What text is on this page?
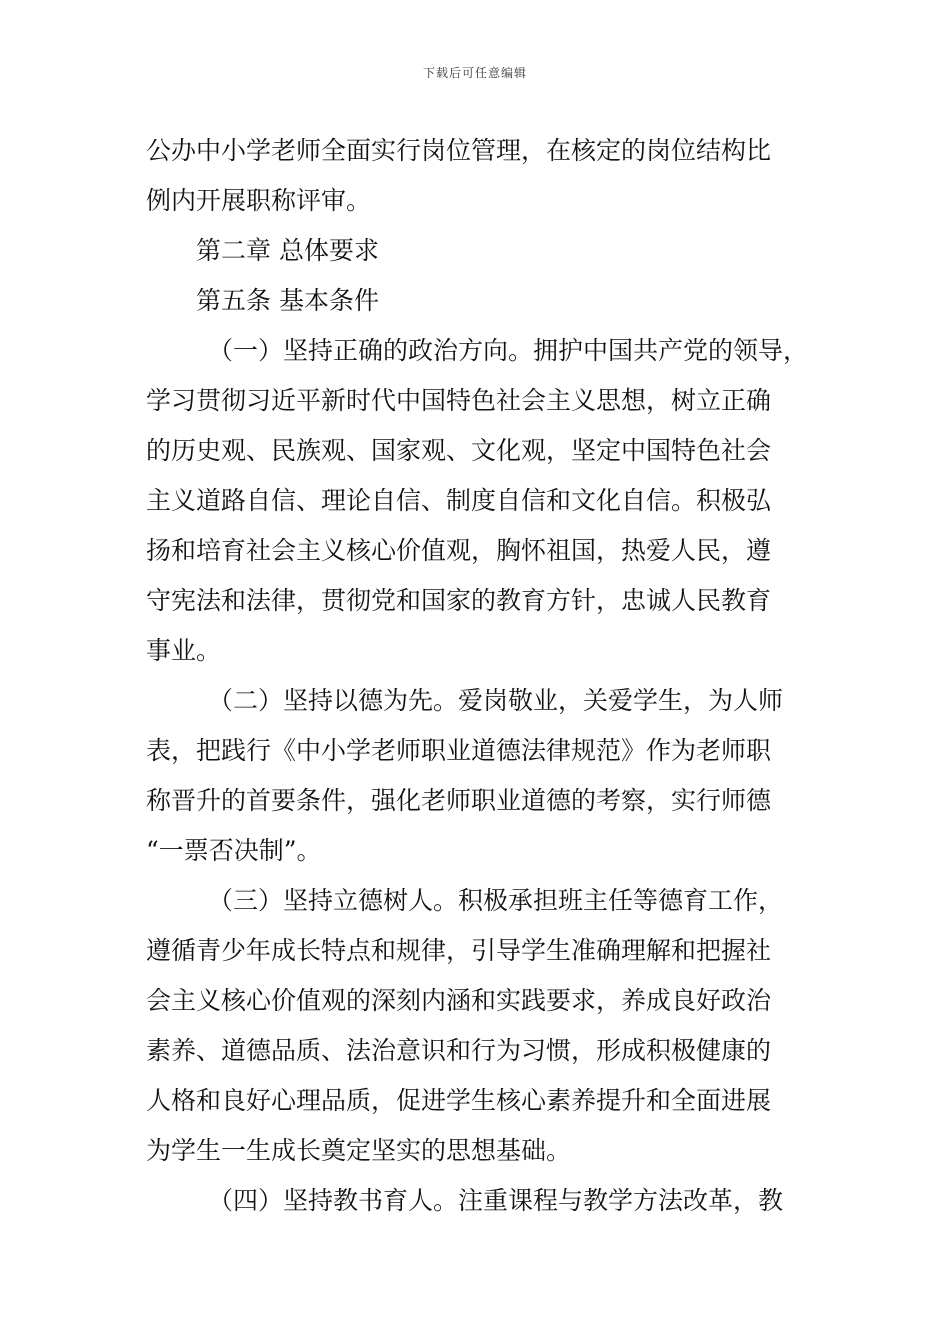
下载后可任意编辑
公办中小学老师全面实行岗位管理，在核定的岗位结构比
例内开展职称评审。
第二章 总体要求
第五条 基本条件
（一）坚持正确的政治方向。拥护中国共产党的领导，
学习贯彻习近平新时代中国特色社会主义思想，树立正确
的历史观、民族观、国家观、文化观，坚定中国特色社会
主义道路自信、理论自信、制度自信和文化自信。积极弘
扬和培育社会主义核心价值观，胸怀祖国，热爱人民，遵
守宪法和法律，贯彻党和国家的教育方针，忠诚人民教育
事业。
（二）坚持以德为先。爱岗敬业，关爱学生，为人师
表，把践行《中小学老师职业道德法律规范》作为老师职
称晋升的首要条件，强化老师职业道德的考察，实行师德
“一票否决制”。
（三）坚持立德树人。积极承担班主任等德育工作，
遵循青少年成长特点和规律，引导学生准确理解和把握社
会主义核心价值观的深刻内涵和实践要求，养成良好政治
素养、道德品质、法治意识和行为习惯，形成积极健康的
人格和良好心理品质，促进学生核心素养提升和全面进展
为学生一生成长奠定坚实的思想基础。
（四）坚持教书育人。注重课程与教学方法改革，教
